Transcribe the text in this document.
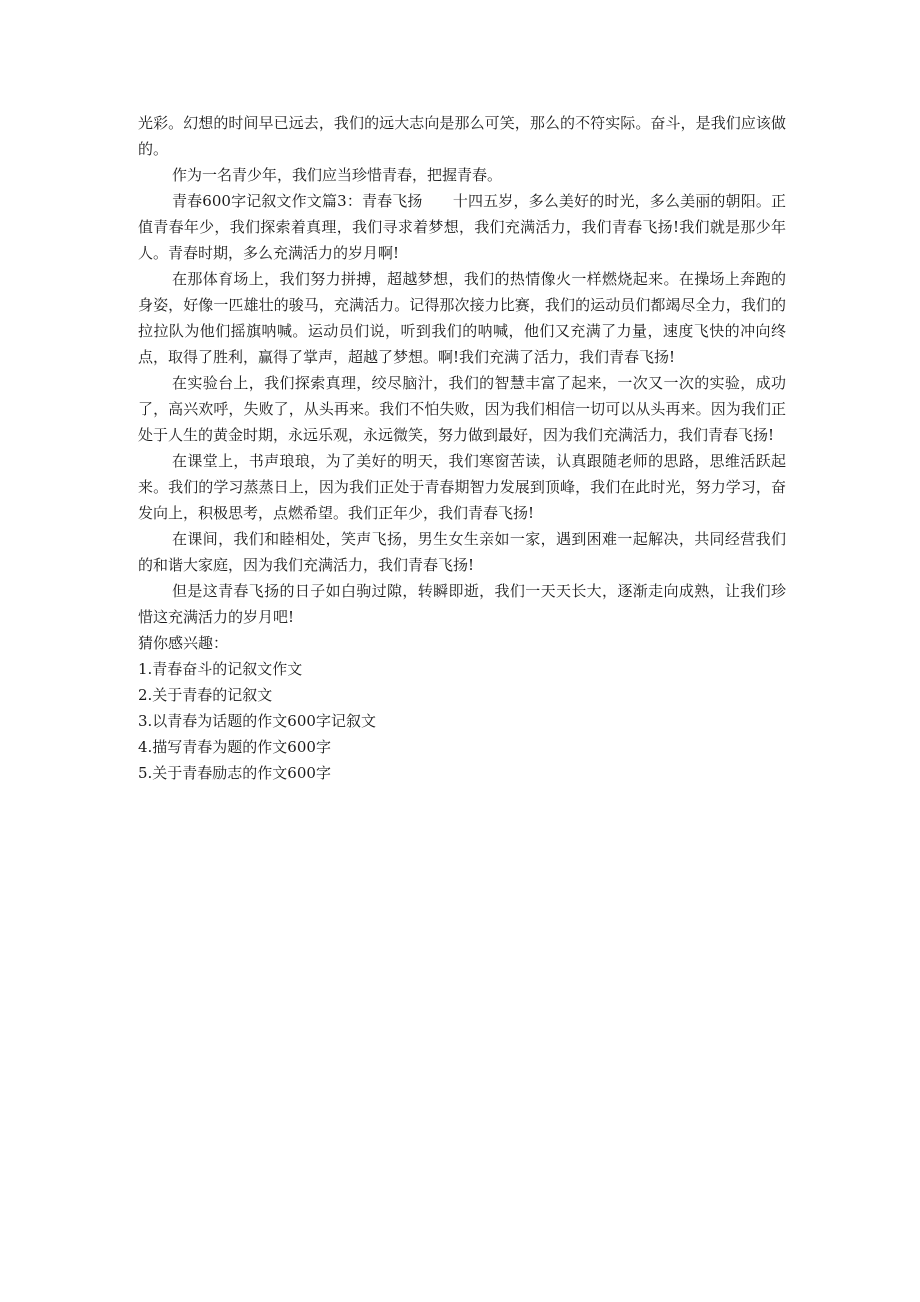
光彩。幻想的时间早已远去，我们的远大志向是那么可笑，那么的不符实际。奋斗，是我们应该做的。

作为一名青少年，我们应当珍惜青春，把握青春。

青春600字记叙文作文篇3：青春飞扬　　十四五岁，多么美好的时光，多么美丽的朝阳。正值青春年少，我们探索着真理，我们寻求着梦想，我们充满活力，我们青春飞扬!我们就是那少年人。青春时期，多么充满活力的岁月啊!

在那体育场上，我们努力拼搏，超越梦想，我们的热情像火一样燃烧起来。在操场上奔跑的身姿，好像一匹雄壮的骏马，充满活力。记得那次接力比赛，我们的运动员们都竭尽全力，我们的拉拉队为他们摇旗呐喊。运动员们说，听到我们的呐喊，他们又充满了力量，速度飞快的冲向终点，取得了胜利，赢得了掌声，超越了梦想。啊!我们充满了活力，我们青春飞扬!

在实验台上，我们探索真理，绞尽脑汁，我们的智慧丰富了起来，一次又一次的实验，成功了，高兴欢呼，失败了，从头再来。我们不怕失败，因为我们相信一切可以从头再来。因为我们正处于人生的黄金时期，永远乐观，永远微笑，努力做到最好，因为我们充满活力，我们青春飞扬!

在课堂上，书声琅琅，为了美好的明天，我们寒窗苦读，认真跟随老师的思路，思维活跃起来。我们的学习蒸蒸日上，因为我们正处于青春期智力发展到顶峰，我们在此时光，努力学习，奋发向上，积极思考，点燃希望。我们正年少，我们青春飞扬!

在课间，我们和睦相处，笑声飞扬，男生女生亲如一家，遇到困难一起解决，共同经营我们的和谐大家庭，因为我们充满活力，我们青春飞扬!

但是这青春飞扬的日子如白驹过隙，转瞬即逝，我们一天天长大，逐渐走向成熟，让我们珍惜这充满活力的岁月吧!

猜你感兴趣：

1.青春奋斗的记叙文作文
2.关于青春的记叙文
3.以青春为话题的作文600字记叙文
4.描写青春为题的作文600字
5.关于青春励志的作文600字
